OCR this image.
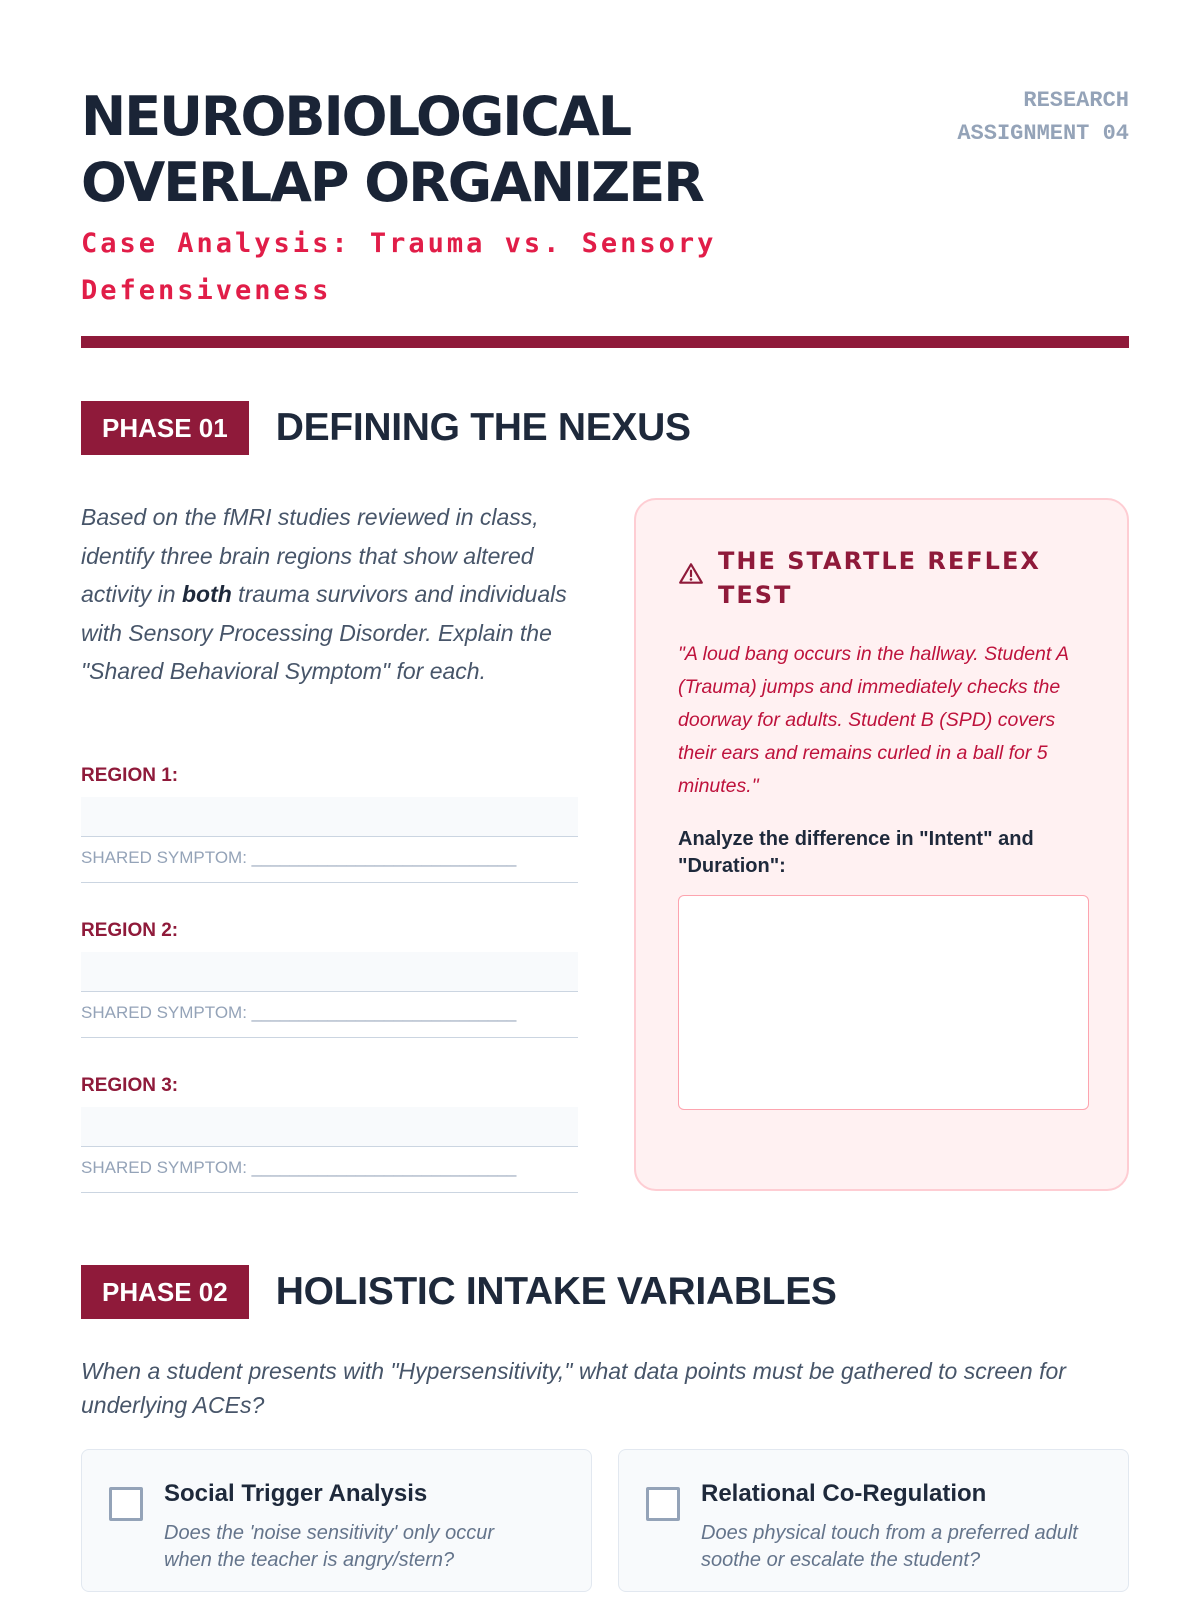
NEUROBIOLOGICAL OVERLAP ORGANIZER
Case Analysis: Trauma vs. Sensory Defensiveness
RESEARCH
ASSIGNMENT 04
PHASE 01	DEFINING THE NEXUS

Based on the fMRI studies reviewed in class, identify three brain regions that show altered activity in both trauma survivors and individuals with Sensory Processing Disorder. Explain the "Shared Behavioral Symptom" for each.

REGION 1:
SHARED SYMPTOM: ____________________________
REGION 2:
SHARED SYMPTOM: ____________________________
REGION 3:
SHARED SYMPTOM: ____________________________
THE STARTLE REFLEX TEST

"A loud bang occurs in the hallway. Student A (Trauma) jumps and immediately checks the doorway for adults. Student B (SPD) covers their ears and remains curled in a ball for 5 minutes."

Analyze the difference in "Intent" and "Duration":

PHASE 02	HOLISTIC INTAKE VARIABLES

When a student presents with "Hypersensitivity," what data points must be gathered to screen for underlying ACEs?

Social Trigger Analysis
Does the 'noise sensitivity' only occur when the teacher is angry/stern?
Relational Co-Regulation
Does physical touch from a preferred adult soothe or escalate the student?
